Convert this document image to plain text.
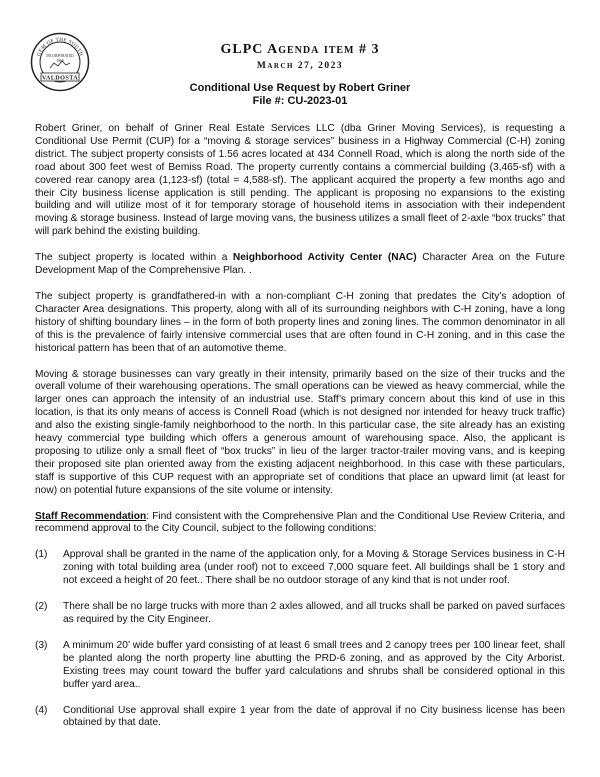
GEM OF THE SOUTH
INCORPORATED
1860
VALDOSTA
GLPC Agenda item # 3
March 27, 2023
Conditional Use Request by Robert Griner
File #: CU-2023-01

Robert Griner, on behalf of Griner Real Estate Services LLC (dba Griner Moving Services), is requesting a Conditional Use Permit (CUP) for a “moving & storage services” business in a Highway Commercial (C-H) zoning district. The subject property consists of 1.56 acres located at 434 Connell Road, which is along the north side of the road about 300 feet west of Bemiss Road. The property currently contains a commercial building (3,465-sf) with a covered rear canopy area (1,123-sf) (total = 4,588-sf). The applicant acquired the property a few months ago and their City business license application is still pending. The applicant is proposing no expansions to the existing building and will utilize most of it for temporary storage of household items in association with their independent moving & storage business. Instead of large moving vans, the business utilizes a small fleet of 2-axle “box trucks” that will park behind the existing building.

The subject property is located within a Neighborhood Activity Center (NAC) Character Area on the Future Development Map of the Comprehensive Plan. .

The subject property is grandfathered-in with a non-compliant C-H zoning that predates the City’s adoption of Character Area designations. This property, along with all of its surrounding neighbors with C-H zoning, have a long history of shifting boundary lines – in the form of both property lines and zoning lines. The common denominator in all of this is the prevalence of fairly intensive commercial uses that are often found in C-H zoning, and in this case the historical pattern has been that of an automotive theme.

Moving & storage businesses can vary greatly in their intensity, primarily based on the size of their trucks and the overall volume of their warehousing operations. The small operations can be viewed as heavy commercial, while the larger ones can approach the intensity of an industrial use. Staff’s primary concern about this kind of use in this location, is that its only means of access is Connell Road (which is not designed nor intended for heavy truck traffic) and also the existing single-family neighborhood to the north. In this particular case, the site already has an existing heavy commercial type building which offers a generous amount of warehousing space. Also, the applicant is proposing to utilize only a small fleet of “box trucks” in lieu of the larger tractor-trailer moving vans, and is keeping their proposed site plan oriented away from the existing adjacent neighborhood. In this case with these particulars, staff is supportive of this CUP request with an appropriate set of conditions that place an upward limit (at least for now) on potential future expansions of the site volume or intensity.

Staff Recommendation: Find consistent with the Comprehensive Plan and the Conditional Use Review Criteria, and recommend approval to the City Council, subject to the following conditions:

(1)	Approval shall be granted in the name of the application only, for a Moving & Storage Services business in C-H zoning with total building area (under roof) not to exceed 7,000 square feet. All buildings shall be 1 story and not exceed a height of 20 feet.. There shall be no outdoor storage of any kind that is not under roof.
(2)	There shall be no large trucks with more than 2 axles allowed, and all trucks shall be parked on paved surfaces as required by the City Engineer.
(3)	A minimum 20’ wide buffer yard consisting of at least 6 small trees and 2 canopy trees per 100 linear feet, shall be planted along the north property line abutting the PRD-6 zoning, and as approved by the City Arborist. Existing trees may count toward the buffer yard calculations and shrubs shall be considered optional in this buffer yard area..
(4)	Conditional Use approval shall expire 1 year from the date of approval if no City business license has been obtained by that date.
